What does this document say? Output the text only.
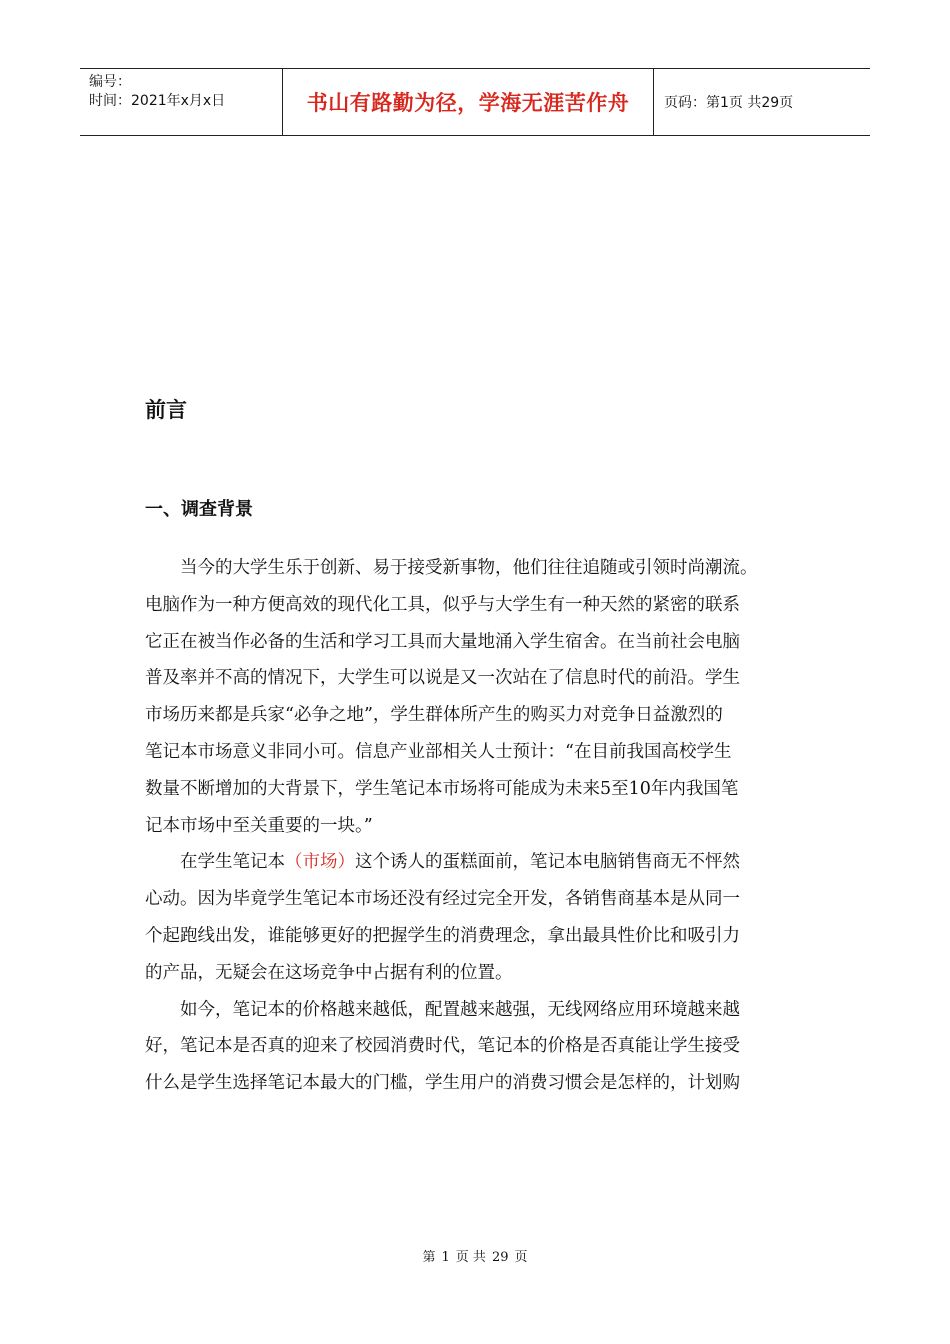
编号：
时间：2021年x月x日	书山有路勤为径，学海无涯苦作舟 页码：第1页 共29页
前言
一、调查背景

当今的大学生乐于创新、易于接受新事物，他们往往追随或引领时尚潮流。
电脑作为一种方便高效的现代化工具，似乎与大学生有一种天然的紧密的联系
它正在被当作必备的生活和学习工具而大量地涌入学生宿舍。在当前社会电脑
普及率并不高的情况下，大学生可以说是又一次站在了信息时代的前沿。学生
市场历来都是兵家“必争之地”，学生群体所产生的购买力对竞争日益激烈的
笔记本市场意义非同小可。信息产业部相关人士预计：“在目前我国高校学生
数量不断增加的大背景下，学生笔记本市场将可能成为未来5至10年内我国笔
记本市场中至关重要的一块。”

在学生笔记本（市场）这个诱人的蛋糕面前，笔记本电脑销售商无不怦然
心动。因为毕竟学生笔记本市场还没有经过完全开发，各销售商基本是从同一
个起跑线出发，谁能够更好的把握学生的消费理念，拿出最具性价比和吸引力
的产品，无疑会在这场竞争中占据有利的位置。

如今，笔记本的价格越来越低，配置越来越强，无线网络应用环境越来越
好，笔记本是否真的迎来了校园消费时代，笔记本的价格是否真能让学生接受
什么是学生选择笔记本最大的门槛，学生用户的消费习惯会是怎样的，计划购

第 1 页 共 29 页
